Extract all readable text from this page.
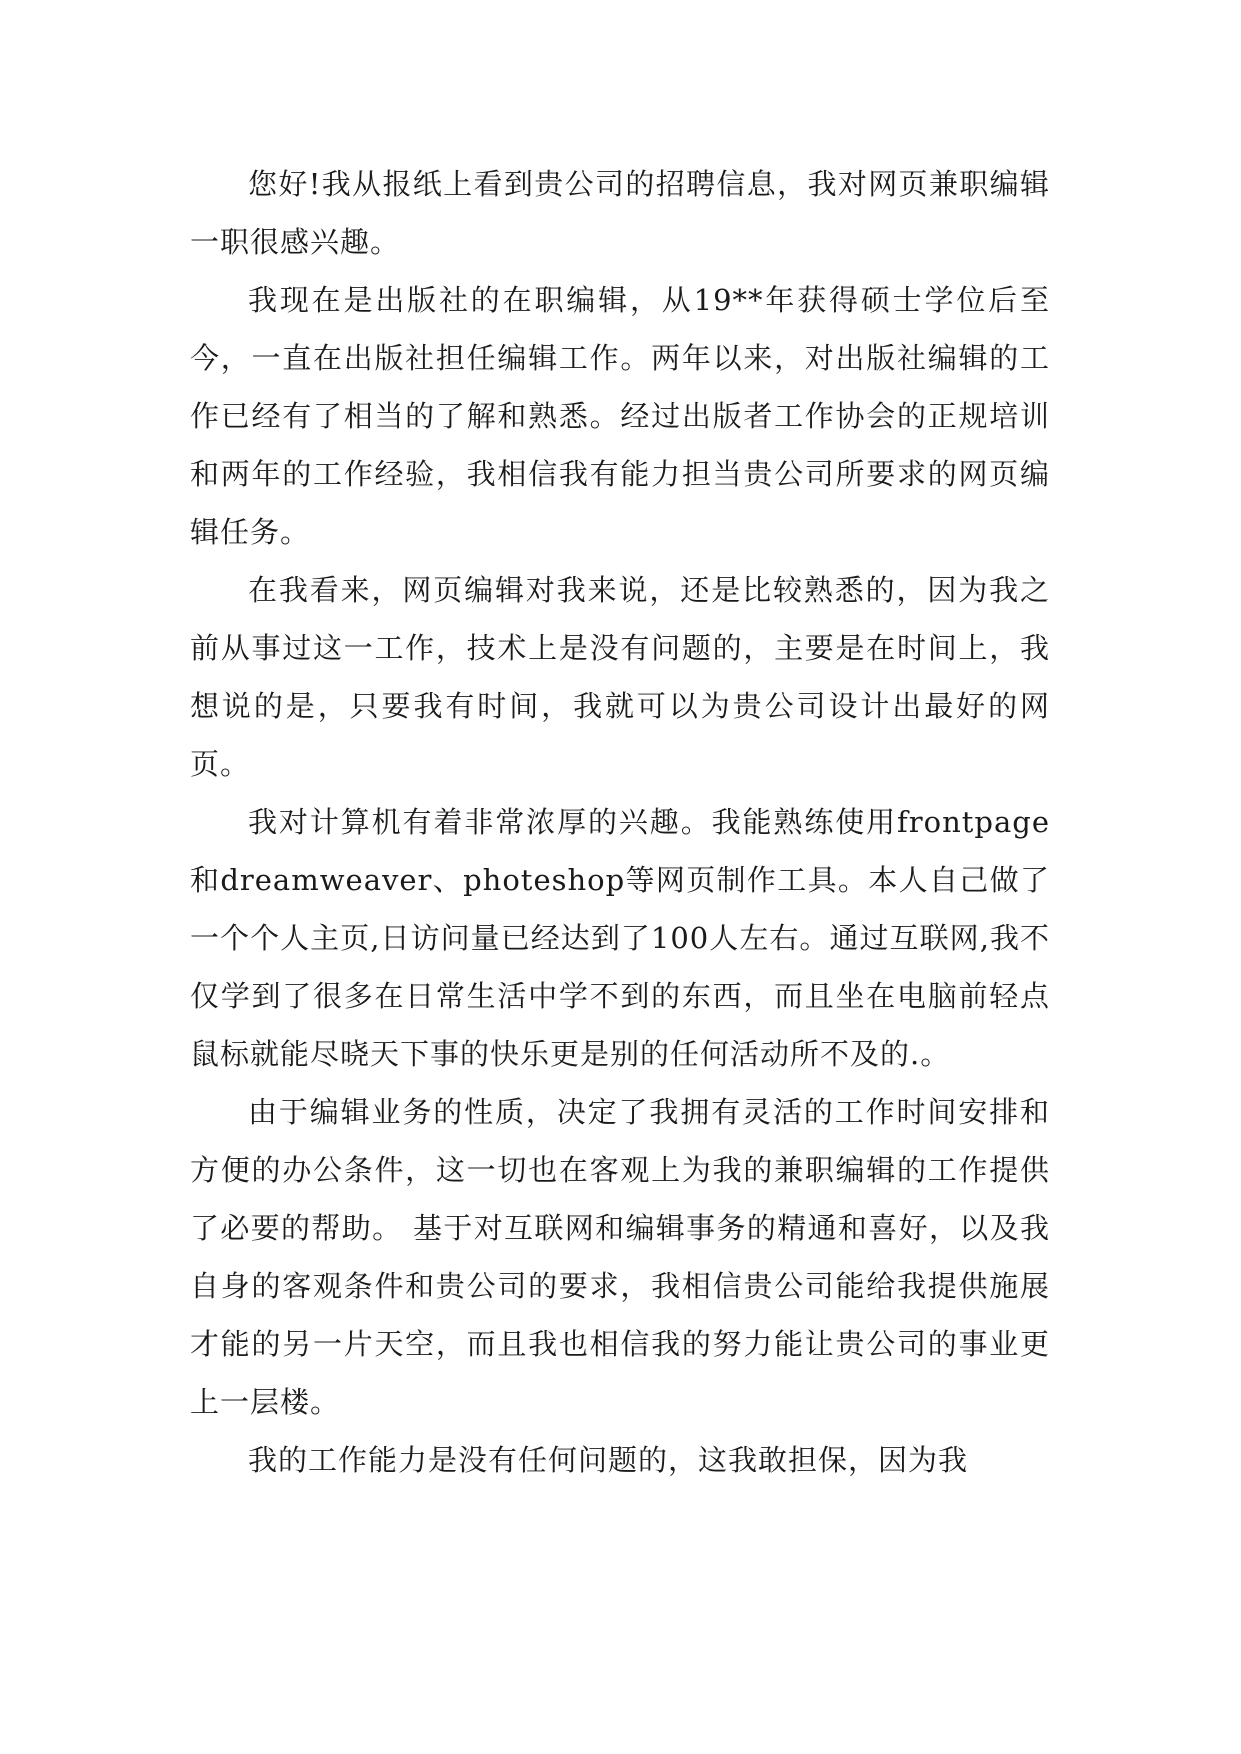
您好!我从报纸上看到贵公司的招聘信息，我对网页兼职编辑一职很感兴趣。

我现在是出版社的在职编辑，从19**年获得硕士学位后至今，一直在出版社担任编辑工作。两年以来，对出版社编辑的工作已经有了相当的了解和熟悉。经过出版者工作协会的正规培训和两年的工作经验，我相信我有能力担当贵公司所要求的网页编辑任务。

在我看来，网页编辑对我来说，还是比较熟悉的，因为我之前从事过这一工作，技术上是没有问题的，主要是在时间上，我想说的是，只要我有时间，我就可以为贵公司设计出最好的网页。

我对计算机有着非常浓厚的兴趣。我能熟练使用frontpage和dreamweaver、photeshop等网页制作工具。本人自己做了一个个人主页,日访问量已经达到了100人左右。通过互联网,我不仅学到了很多在日常生活中学不到的东西，而且坐在电脑前轻点鼠标就能尽晓天下事的快乐更是别的任何活动所不及的.。

由于编辑业务的性质，决定了我拥有灵活的工作时间安排和方便的办公条件，这一切也在客观上为我的兼职编辑的工作提供了必要的帮助。 基于对互联网和编辑事务的精通和喜好，以及我自身的客观条件和贵公司的要求，我相信贵公司能给我提供施展才能的另一片天空，而且我也相信我的努力能让贵公司的事业更上一层楼。

我的工作能力是没有任何问题的，这我敢担保，因为我
